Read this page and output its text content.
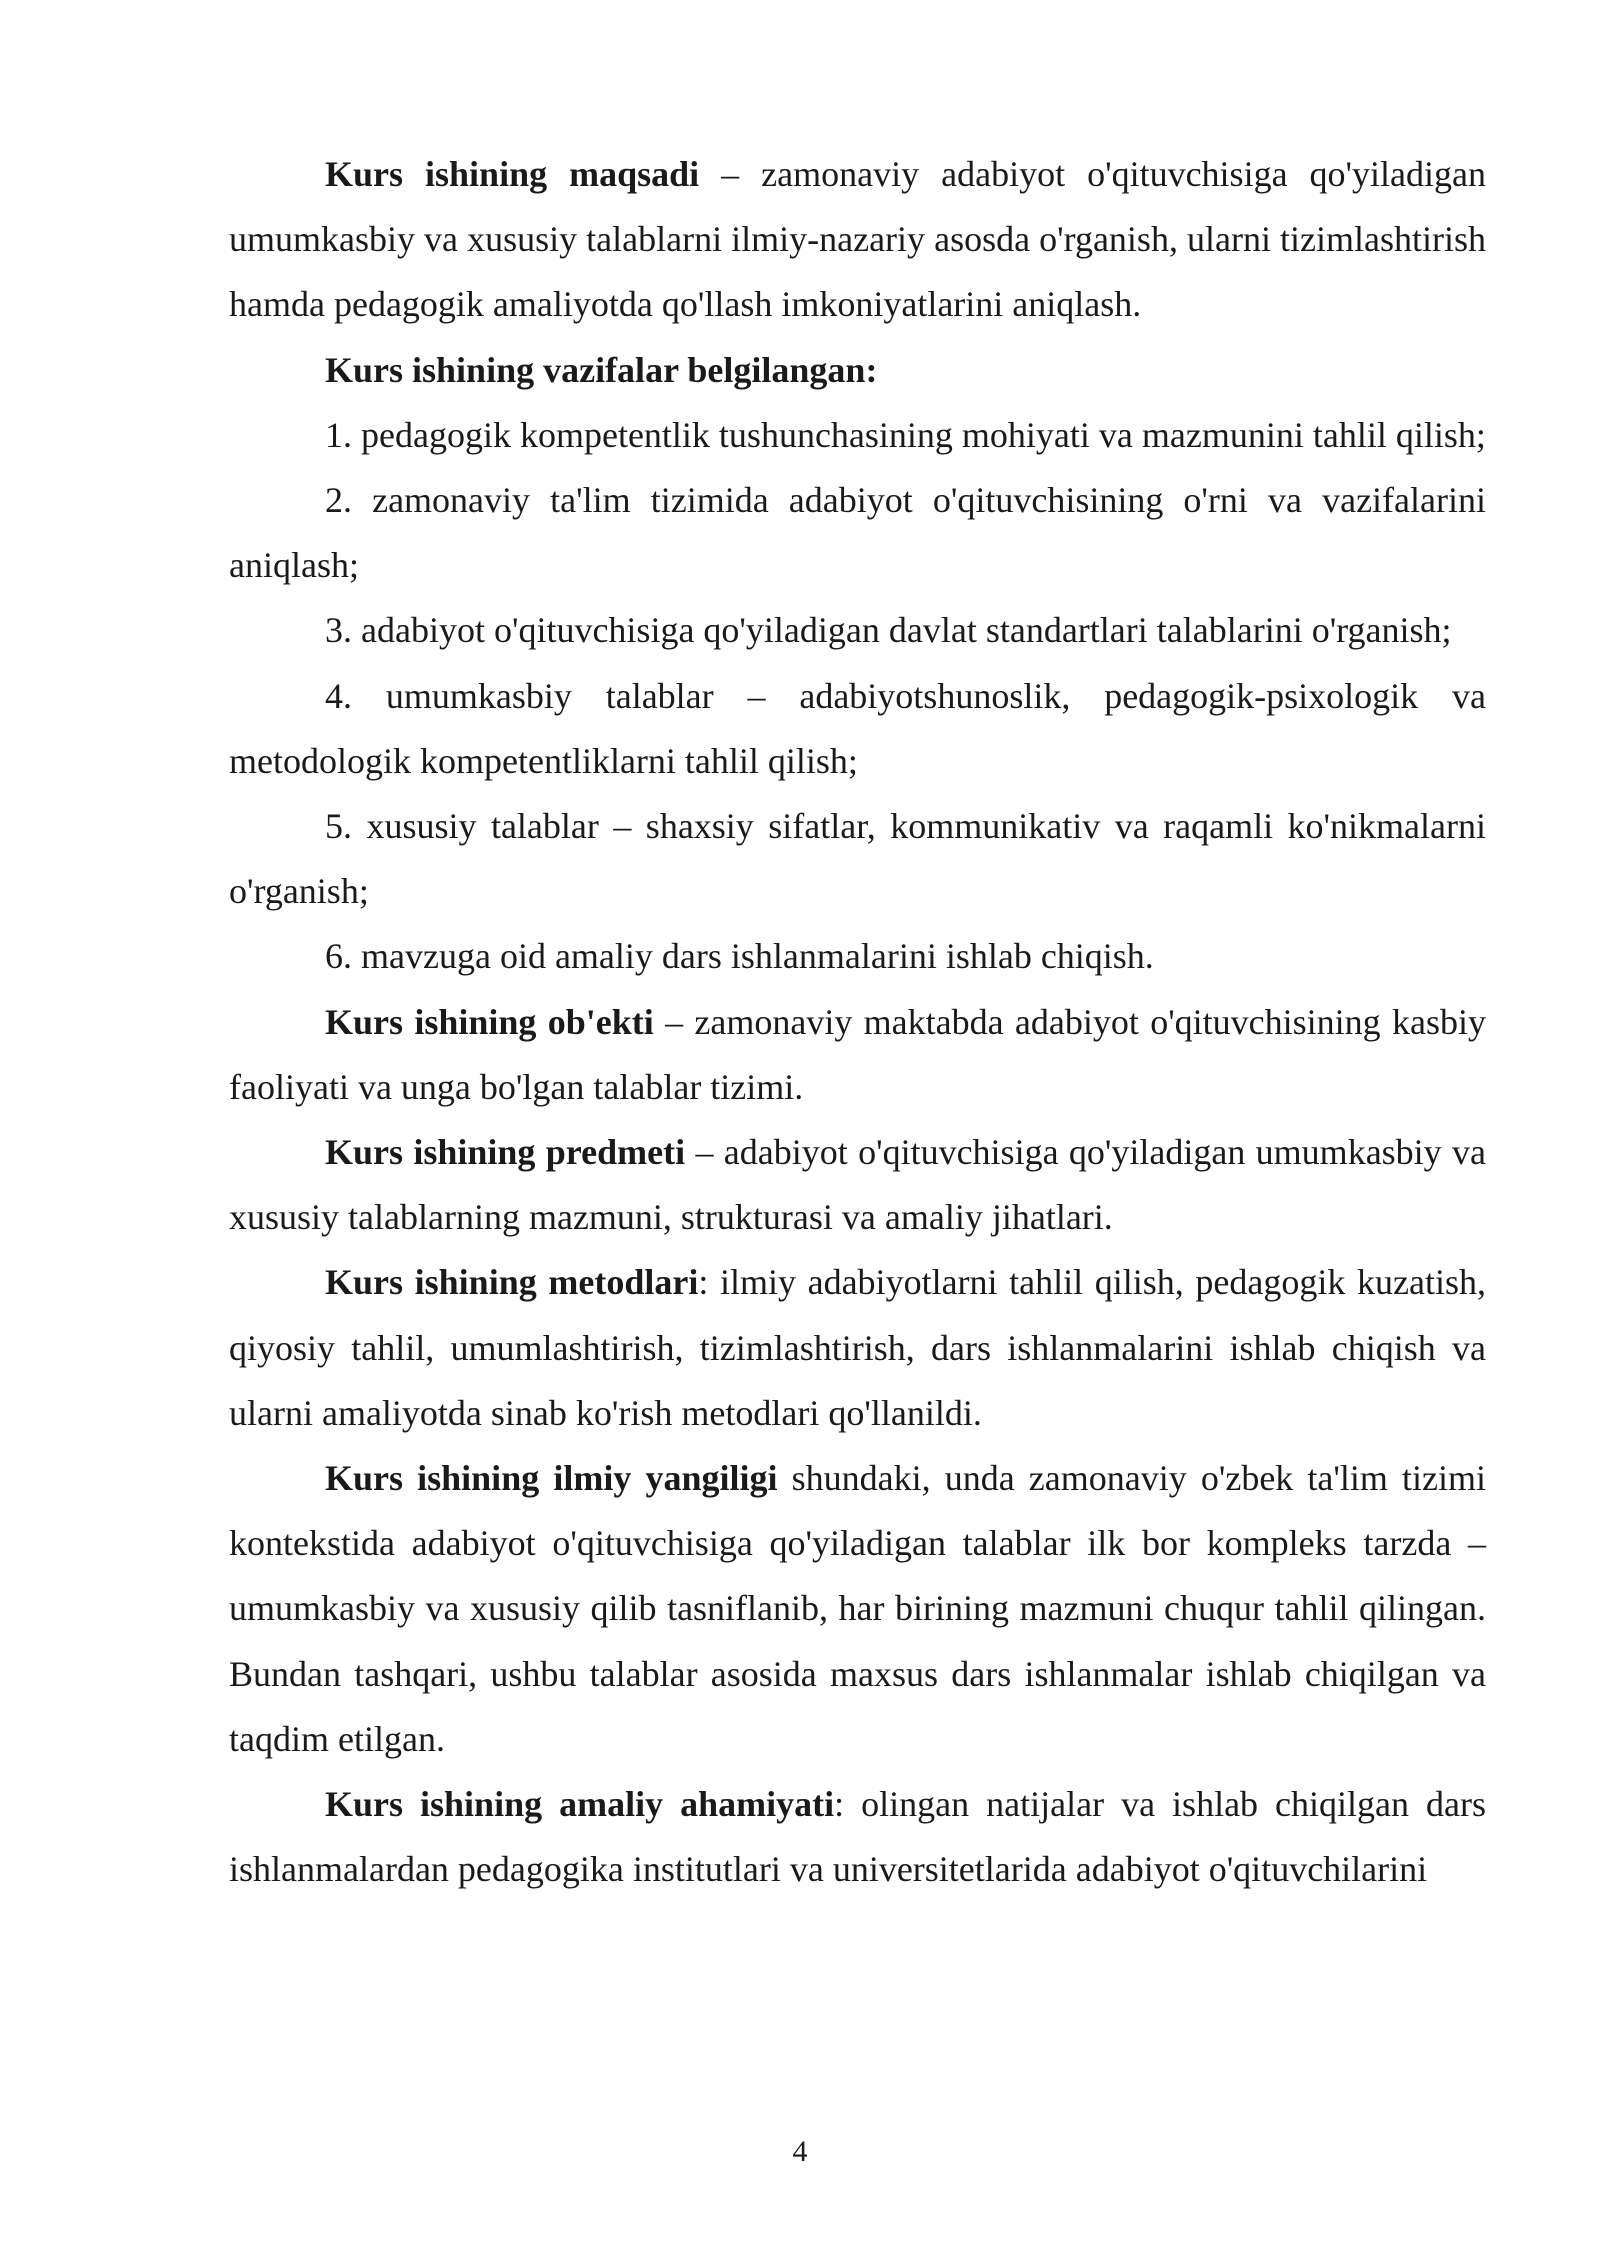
Kurs ishining maqsadi – zamonaviy adabiyot o'qituvchisiga qo'yiladigan umumkasbiy va xususiy talablarni ilmiy-nazariy asosda o'rganish, ularni tizimlashtirish hamda pedagogik amaliyotda qo'llash imkoniyatlarini aniqlash.

Kurs ishining vazifalar belgilangan:

1. pedagogik kompetentlik tushunchasining mohiyati va mazmunini tahlil qilish;

2. zamonaviy ta'lim tizimida adabiyot o'qituvchisining o'rni va vazifalarini aniqlash;

3. adabiyot o'qituvchisiga qo'yiladigan davlat standartlari talablarini o'rganish;

4. umumkasbiy talablar – adabiyotshunoslik, pedagogik-psixologik va metodologik kompetentliklarni tahlil qilish;

5. xususiy talablar – shaxsiy sifatlar, kommunikativ va raqamli ko'nikmalarni o'rganish;

6. mavzuga oid amaliy dars ishlanmalarini ishlab chiqish.

Kurs ishining ob'ekti – zamonaviy maktabda adabiyot o'qituvchisining kasbiy faoliyati va unga bo'lgan talablar tizimi.

Kurs ishining predmeti – adabiyot o'qituvchisiga qo'yiladigan umumkasbiy va xususiy talablarning mazmuni, strukturasi va amaliy jihatlari.

Kurs ishining metodlari: ilmiy adabiyotlarni tahlil qilish, pedagogik kuzatish, qiyosiy tahlil, umumlashtirish, tizimlashtirish, dars ishlanmalarini ishlab chiqish va ularni amaliyotda sinab ko'rish metodlari qo'llanildi.

Kurs ishining ilmiy yangiligi shundaki, unda zamonaviy o'zbek ta'lim tizimi kontekstida adabiyot o'qituvchisiga qo'yiladigan talablar ilk bor kompleks tarzda – umumkasbiy va xususiy qilib tasniflanib, har birining mazmuni chuqur tahlil qilingan. Bundan tashqari, ushbu talablar asosida maxsus dars ishlanmalar ishlab chiqilgan va taqdim etilgan.

Kurs ishining amaliy ahamiyati: olingan natijalar va ishlab chiqilgan dars ishlanmalardan pedagogika institutlari va universitetlarida adabiyot o'qituvchilarini

4
